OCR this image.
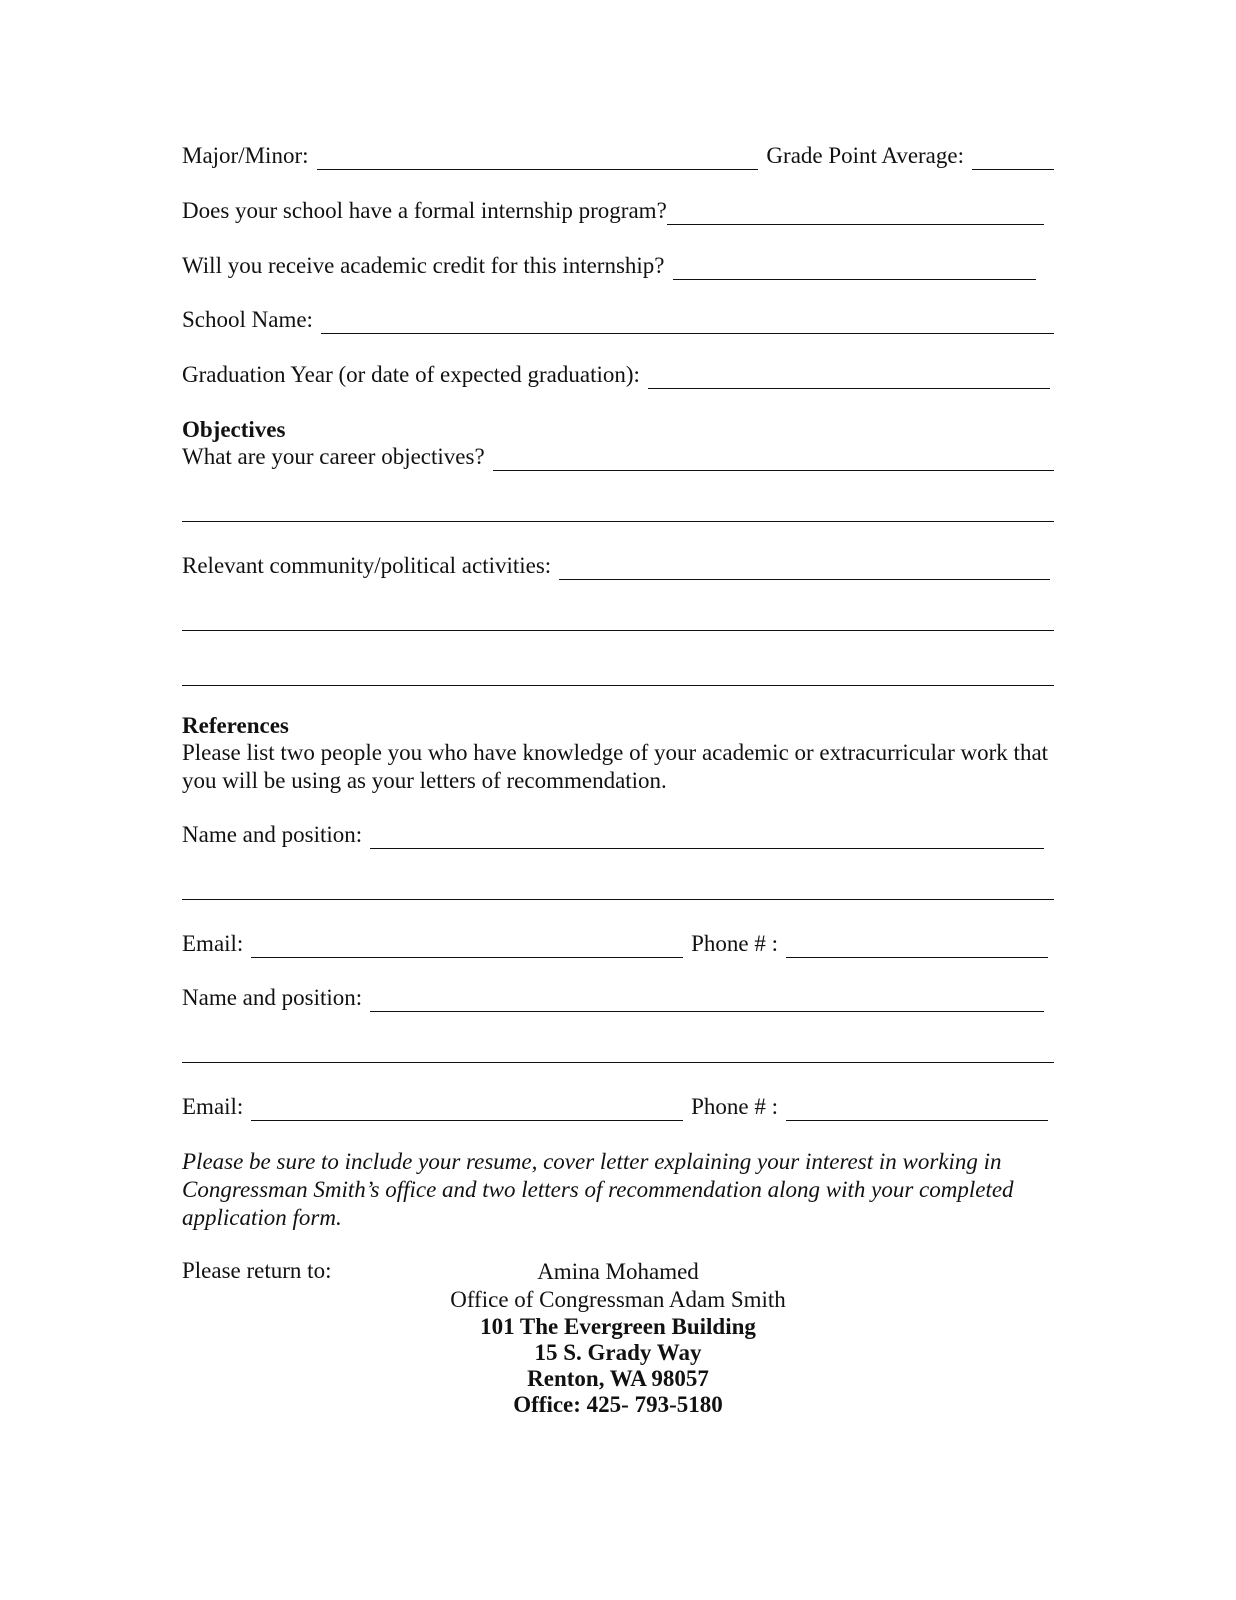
Major/Minor:	Grade Point Average:
Does your school have a formal internship program?
Will you receive academic credit for this internship?
School Name:
Graduation Year (or date of expected graduation):
Objectives
What are your career objectives?
Relevant community/political activities:
References
Please list two people you who have knowledge of your academic or extracurricular work that you will be using as your letters of recommendation.
Name and position:
Email:	Phone # :
Name and position:
Email:	Phone # :
Please be sure to include your resume, cover letter explaining your interest in working in Congressman Smith’s office and two letters of recommendation along with your completed application form.
Please return to:	Amina Mohamed
Office of Congressman Adam Smith
101 The Evergreen Building
15 S. Grady Way
Renton, WA 98057
Office: 425- 793-5180
